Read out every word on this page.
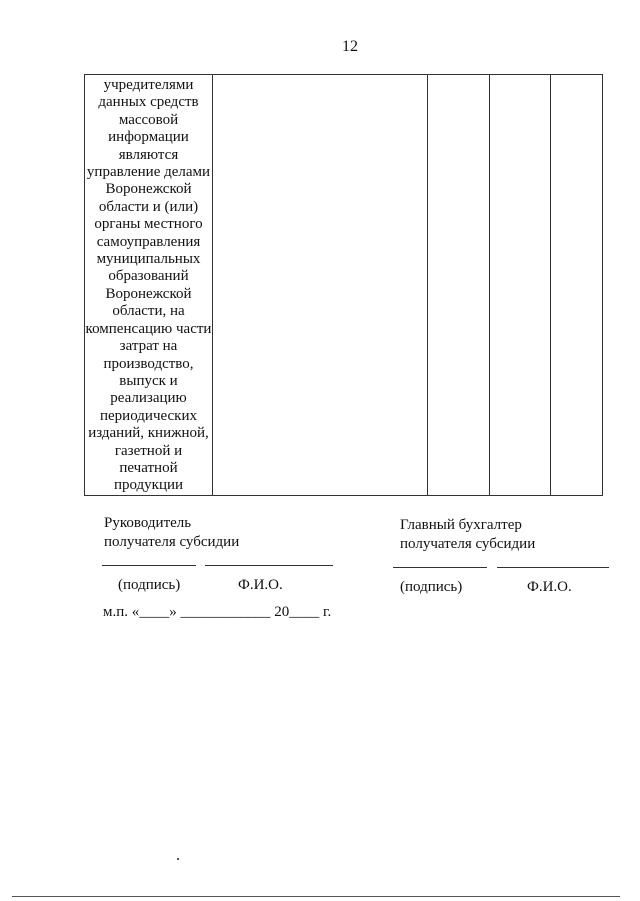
12
учредителями
данных средств
массовой
информации
являются
управление делами
Воронежской
области и (или)
органы местного
самоуправления
муниципальных
образований
Воронежской
области, на
компенсацию части
затрат на
производство,
выпуск и
реализацию
периодических
изданий, книжной,
газетной и
печатной
продукции

Руководитель
получателя субсидии
(подпись)	Ф.И.О.
Главный бухгалтер
получателя субсидии
(подпись)	Ф.И.О.
м.п. «____» ____________ 20____ г.
